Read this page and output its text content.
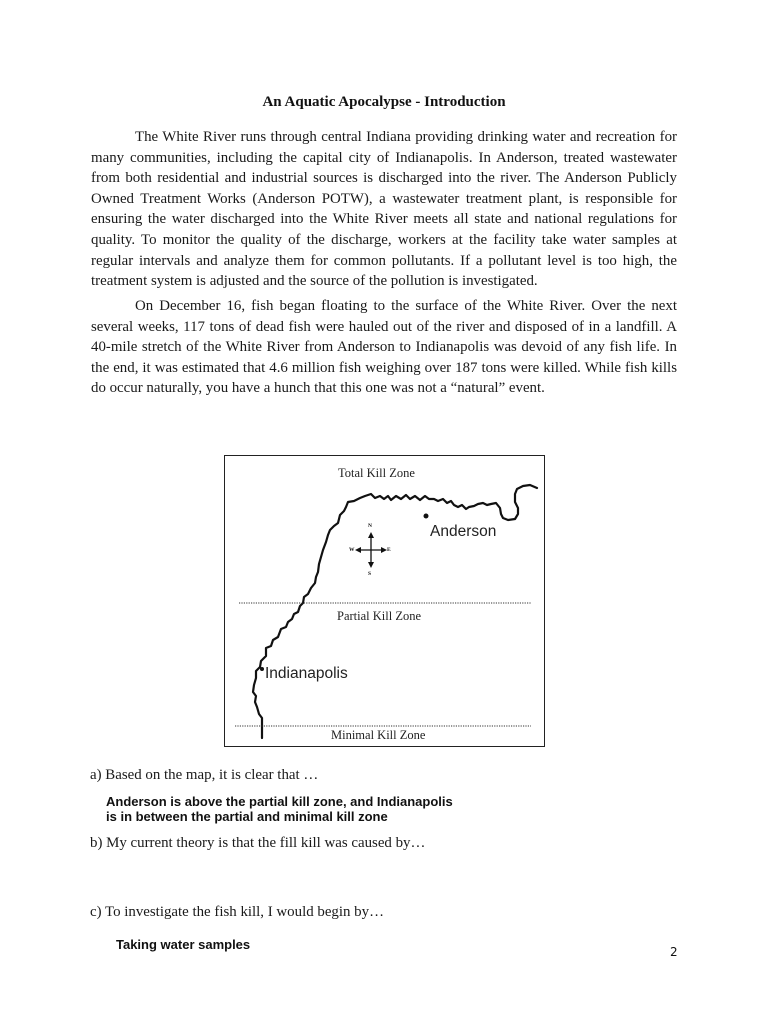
An Aquatic Apocalypse - Introduction

The White River runs through central Indiana providing drinking water and recreation for many communities, including the capital city of Indianapolis. In Anderson, treated wastewater from both residential and industrial sources is discharged into the river. The Anderson Publicly Owned Treatment Works (Anderson POTW), a wastewater treatment plant, is responsible for ensuring the water discharged into the White River meets all state and national regulations for quality. To monitor the quality of the discharge, workers at the facility take water samples at regular intervals and analyze them for common pollutants. If a pollutant level is too high, the treatment system is adjusted and the source of the pollution is investigated.

On December 16, fish began floating to the surface of the White River. Over the next several weeks, 117 tons of dead fish were hauled out of the river and disposed of in a landfill. A 40-mile stretch of the White River from Anderson to Indianapolis was devoid of any fish life. In the end, it was estimated that 4.6 million fish weighing over 187 tons were killed. While fish kills do occur naturally, you have a hunch that this one was not a “natural” event.

Total Kill Zone
Partial Kill Zone
Minimal Kill Zone
Anderson
Indianapolis
N
S
W	E
a) Based on the map, it is clear that …
Anderson is above the partial kill zone, and Indianapolis
is in between the partial and minimal kill zone
b) My current theory is that the fill kill was caused by…
c) To investigate the fish kill, I would begin by…
Taking water samples	2
